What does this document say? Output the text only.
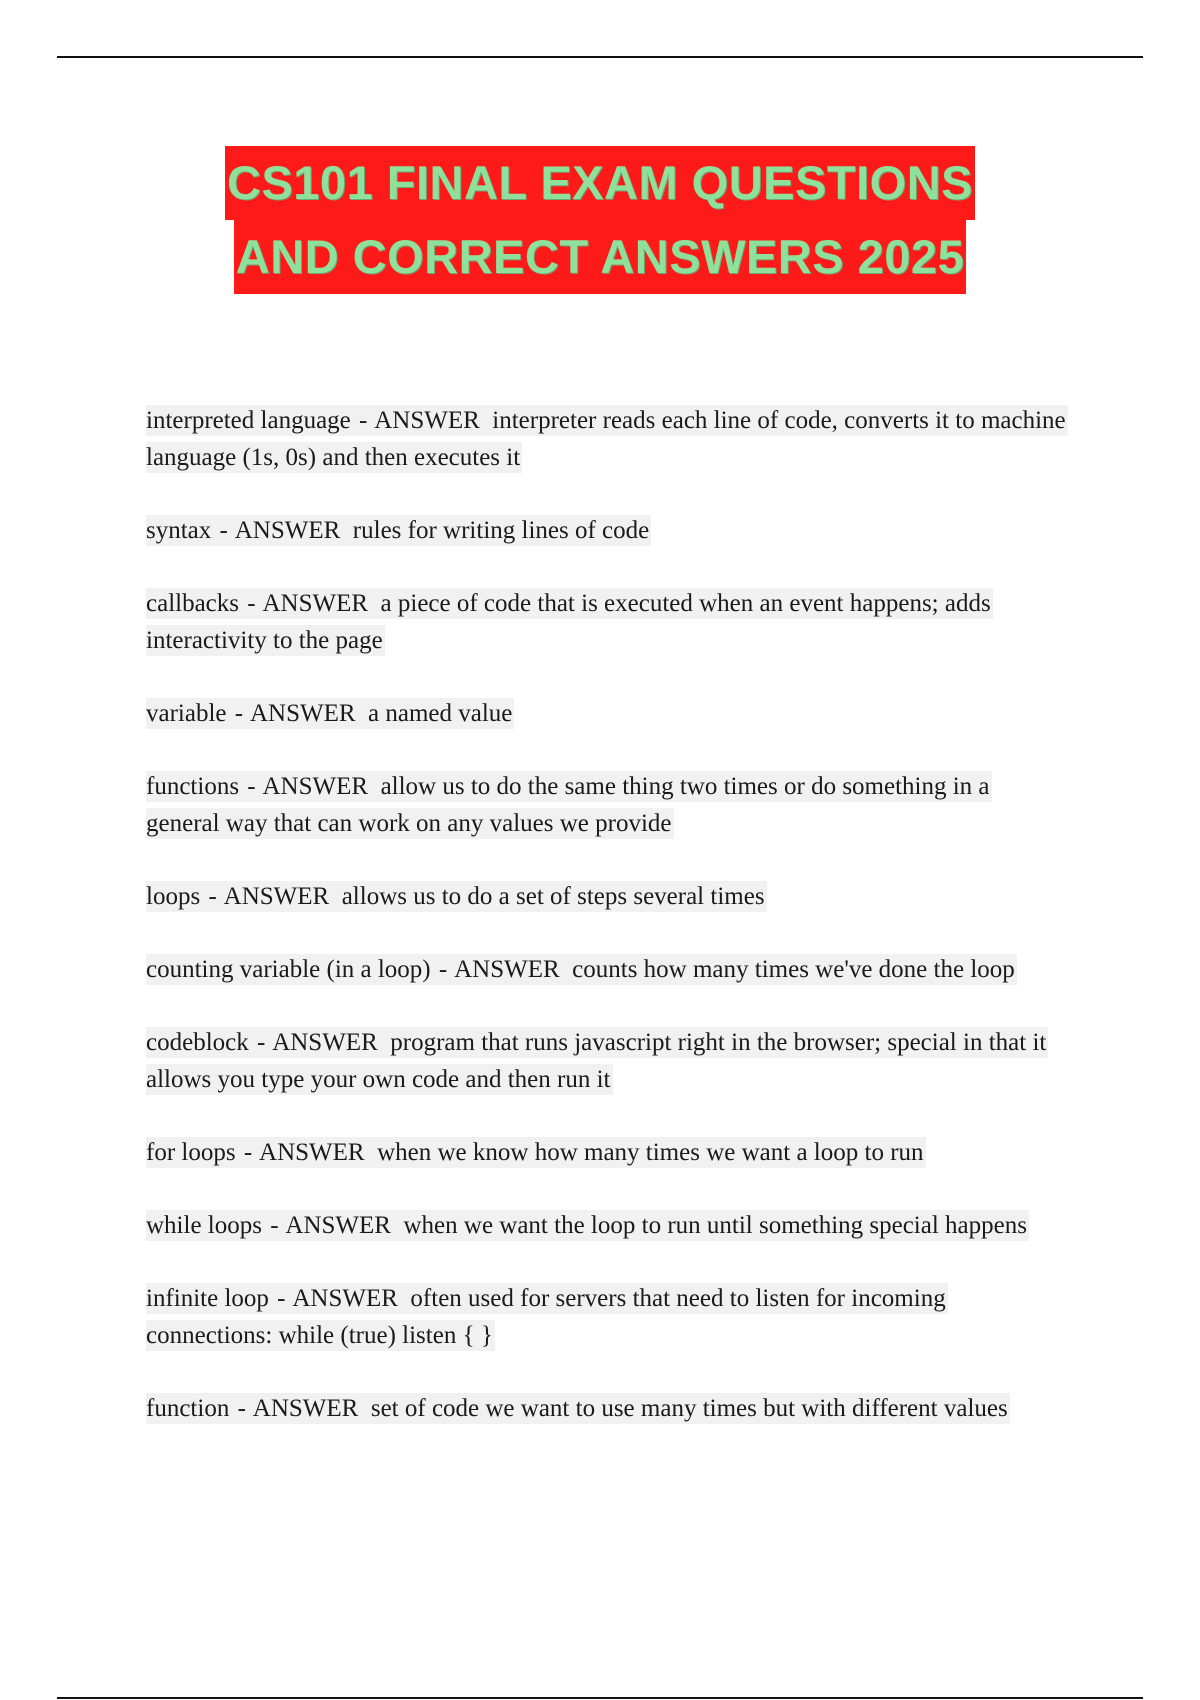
CS101 FINAL EXAM QUESTIONS
AND CORRECT ANSWERS 2025
interpreted language - ANSWER interpreter reads each line of code, converts it to machine language (1s, 0s) and then executes it
syntax - ANSWER rules for writing lines of code
callbacks - ANSWER a piece of code that is executed when an event happens; adds interactivity to the page
variable - ANSWER a named value
functions - ANSWER allow us to do the same thing two times or do something in a general way that can work on any values we provide
loops - ANSWER allows us to do a set of steps several times
counting variable (in a loop) - ANSWER counts how many times we've done the loop
codeblock - ANSWER program that runs javascript right in the browser; special in that it allows you type your own code and then run it
for loops - ANSWER when we know how many times we want a loop to run
while loops - ANSWER when we want the loop to run until something special happens
infinite loop - ANSWER often used for servers that need to listen for incoming connections: while (true) listen { }
function - ANSWER set of code we want to use many times but with different values
